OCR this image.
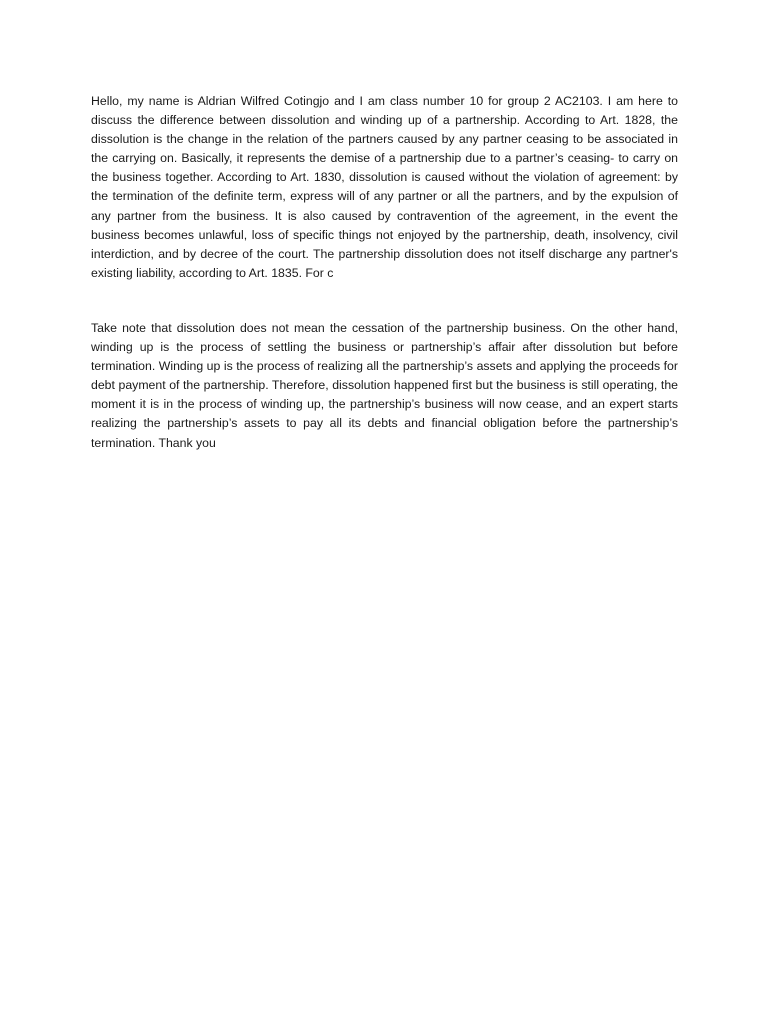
Hello, my name is Aldrian Wilfred Cotingjo and I am class number 10 for group 2 AC2103. I am here to discuss the difference between dissolution and winding up of a partnership. According to Art. 1828, the dissolution is the change in the relation of the partners caused by any partner ceasing to be associated in the carrying on. Basically, it represents the demise of a partnership due to a partner’s ceasing- to carry on the business together. According to Art. 1830, dissolution is caused without the violation of agreement: by the termination of the definite term, express will of any partner or all the partners, and by the expulsion of any partner from the business. It is also caused by contravention of the agreement, in the event the business becomes unlawful, loss of specific things not enjoyed by the partnership, death, insolvency, civil interdiction, and by decree of the court. The partnership dissolution does not itself discharge any partner's existing liability, according to Art. 1835. For c

Take note that dissolution does not mean the cessation of the partnership business. On the other hand, winding up is the process of settling the business or partnership’s affair after dissolution but before termination. Winding up is the process of realizing all the partnership’s assets and applying the proceeds for debt payment of the partnership. Therefore, dissolution happened first but the business is still operating, the moment it is in the process of winding up, the partnership’s business will now cease, and an expert starts realizing the partnership’s assets to pay all its debts and financial obligation before the partnership’s termination. Thank you
